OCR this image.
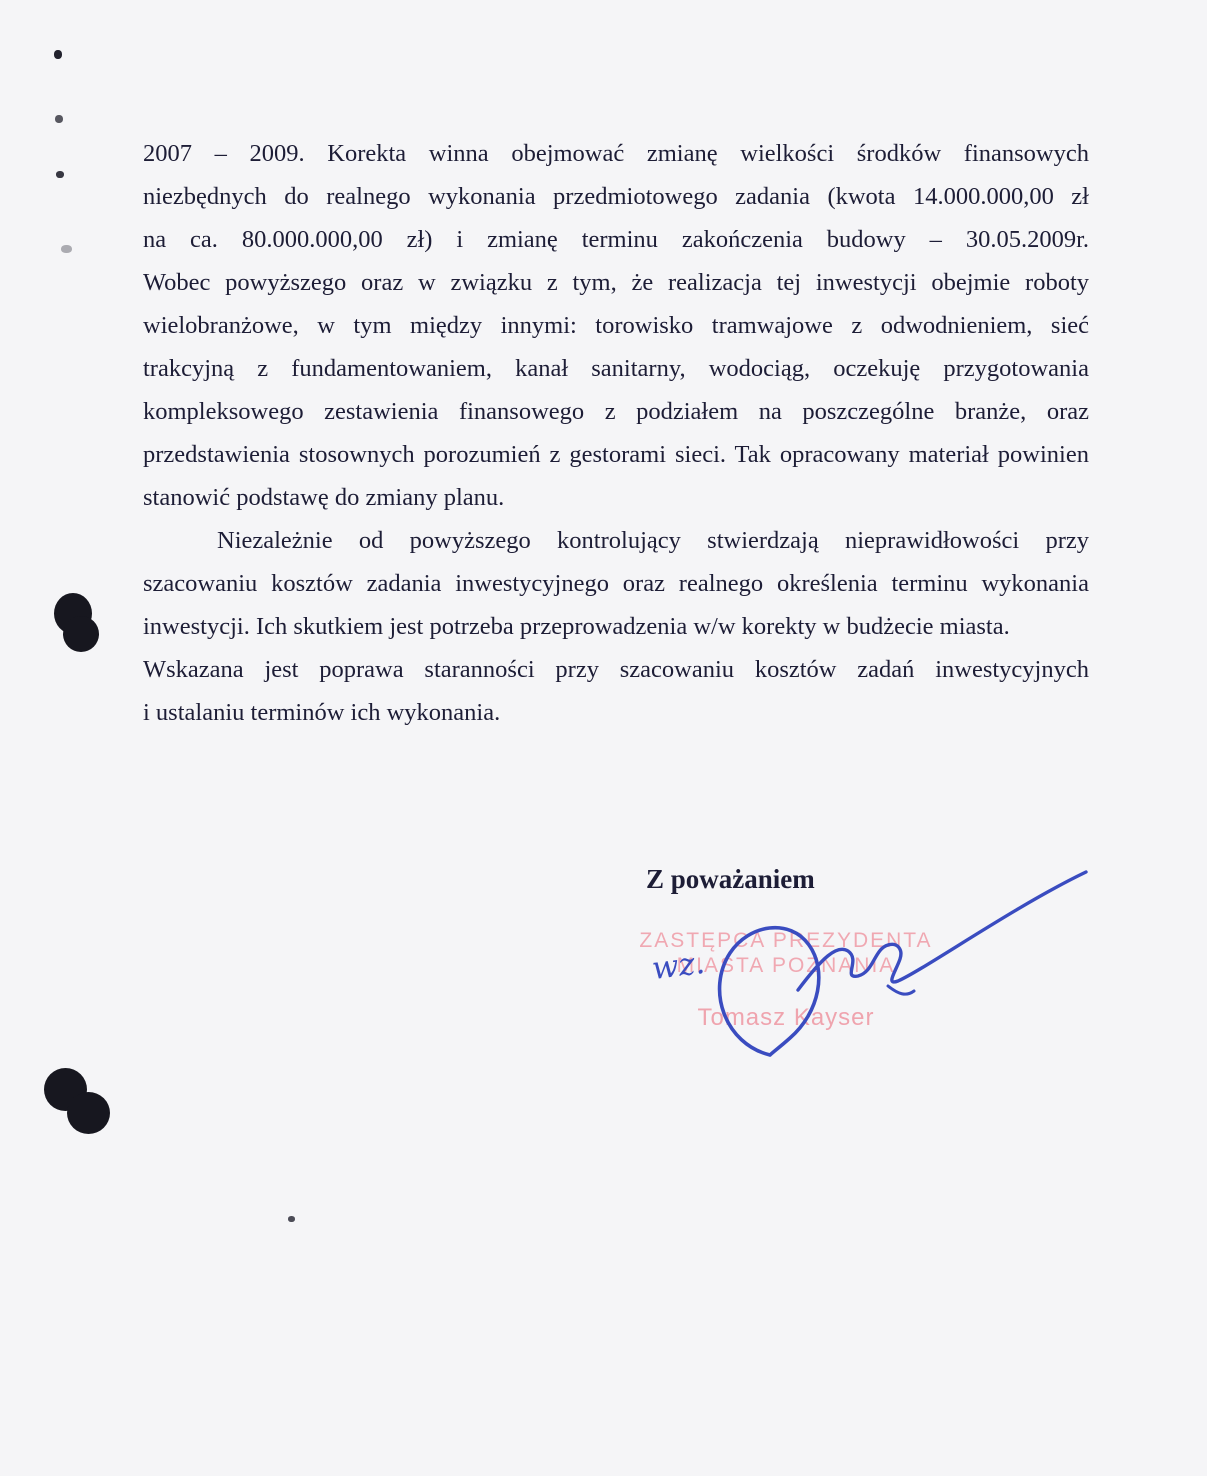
2007 – 2009. Korekta winna obejmować zmianę wielkości środków finansowych
niezbędnych do realnego wykonania przedmiotowego zadania (kwota 14.000.000,00 zł
na ca. 80.000.000,00 zł) i zmianę terminu zakończenia budowy – 30.05.2009r.
Wobec powyższego oraz w związku z tym, że realizacja tej inwestycji obejmie roboty
wielobranżowe, w tym między innymi: torowisko tramwajowe z odwodnieniem, sieć
trakcyjną z fundamentowaniem, kanał sanitarny, wodociąg, oczekuję przygotowania
kompleksowego zestawienia finansowego z podziałem na poszczególne branże, oraz
przedstawienia stosownych porozumień z gestorami sieci. Tak opracowany materiał powinien
stanowić podstawę do zmiany planu.
Niezależnie od powyższego kontrolujący stwierdzają nieprawidłowości przy
szacowaniu kosztów zadania inwestycyjnego oraz realnego określenia terminu wykonania
inwestycji. Ich skutkiem jest potrzeba przeprowadzenia w/w korekty w budżecie miasta.
Wskazana jest poprawa staranności przy szacowaniu kosztów zadań inwestycyjnych
i ustalaniu terminów ich wykonania.
Z poważaniem
ZASTĘPCA PREZYDENTA
MIASTA POZNANIA
Tomasz Kayser
wz.
